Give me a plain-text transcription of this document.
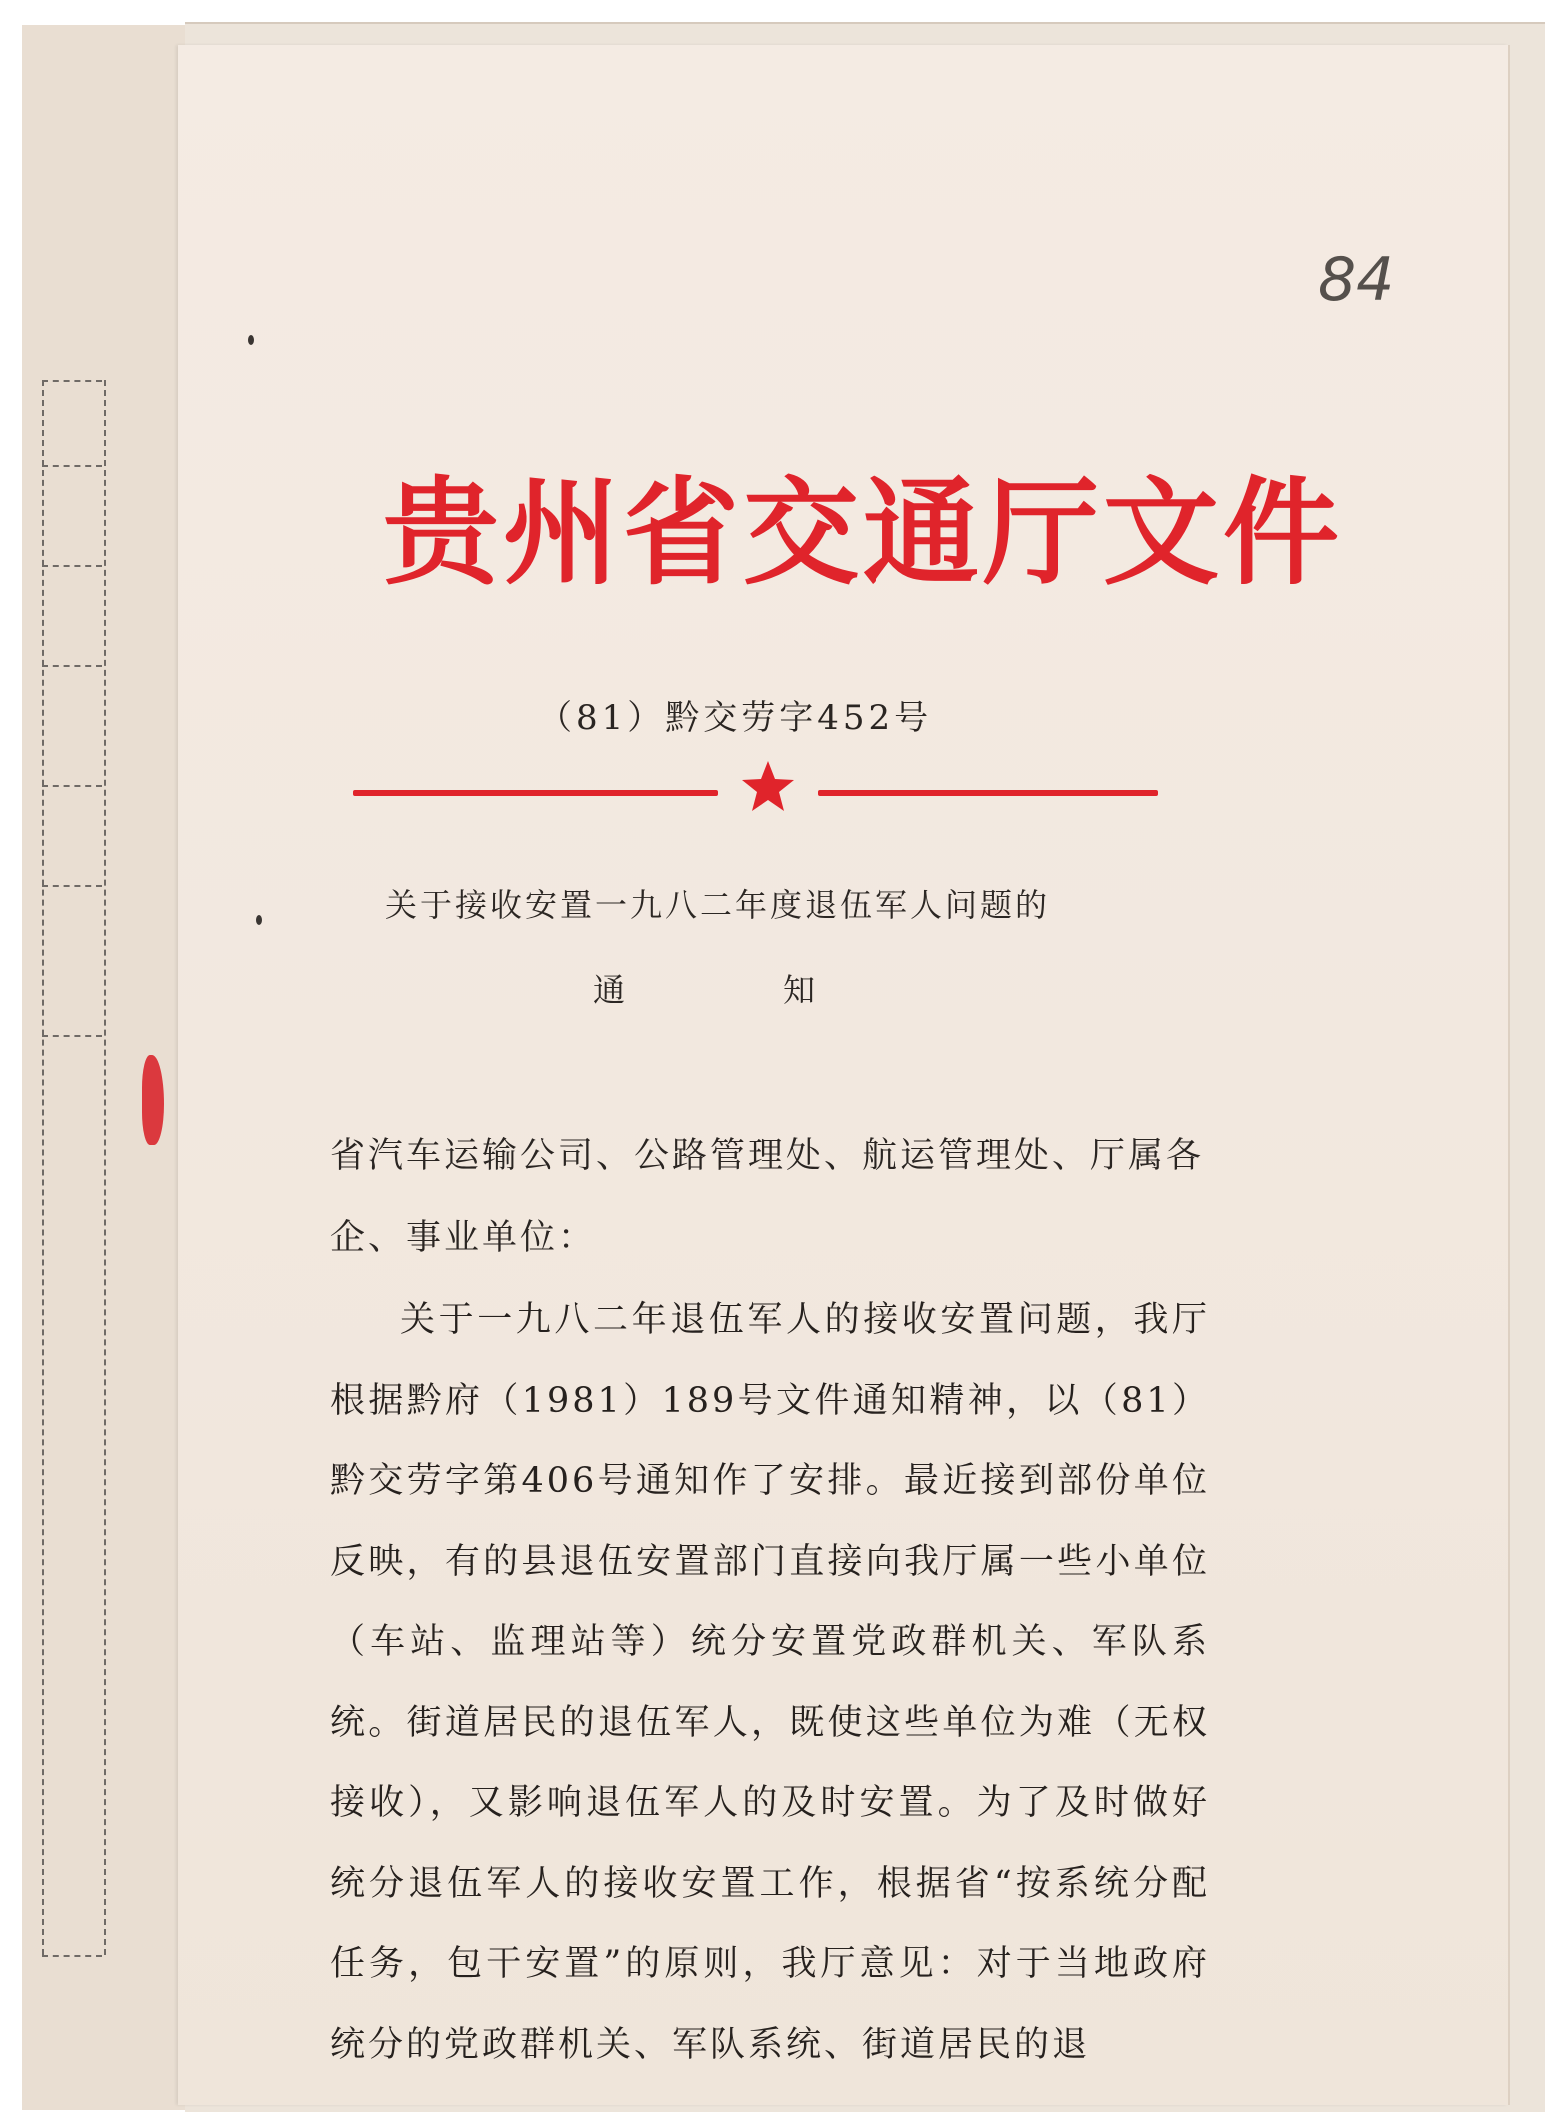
84
贵州省交通厅文件
（81）黔交劳字452号
关于接收安置一九八二年度退伍军人问题的
通	知
省汽车运输公司、公路管理处、航运管理处、厅属各企、事业单位：
关于一九八二年退伍军人的接收安置问题，我厅根据黔府（1981）189号文件通知精神，以（81）黔交劳字第406号通知作了安排。最近接到部份单位反映，有的县退伍安置部门直接向我厅属一些小单位（车站、监理站等）统分安置党政群机关、军队系统。街道居民的退伍军人，既使这些单位为难（无权接收），又影响退伍军人的及时安置。为了及时做好统分退伍军人的接收安置工作，根据省“按系统分配任务，包干安置”的原则，我厅意见：对于当地政府统分的党政群机关、军队系统、街道居民的退
